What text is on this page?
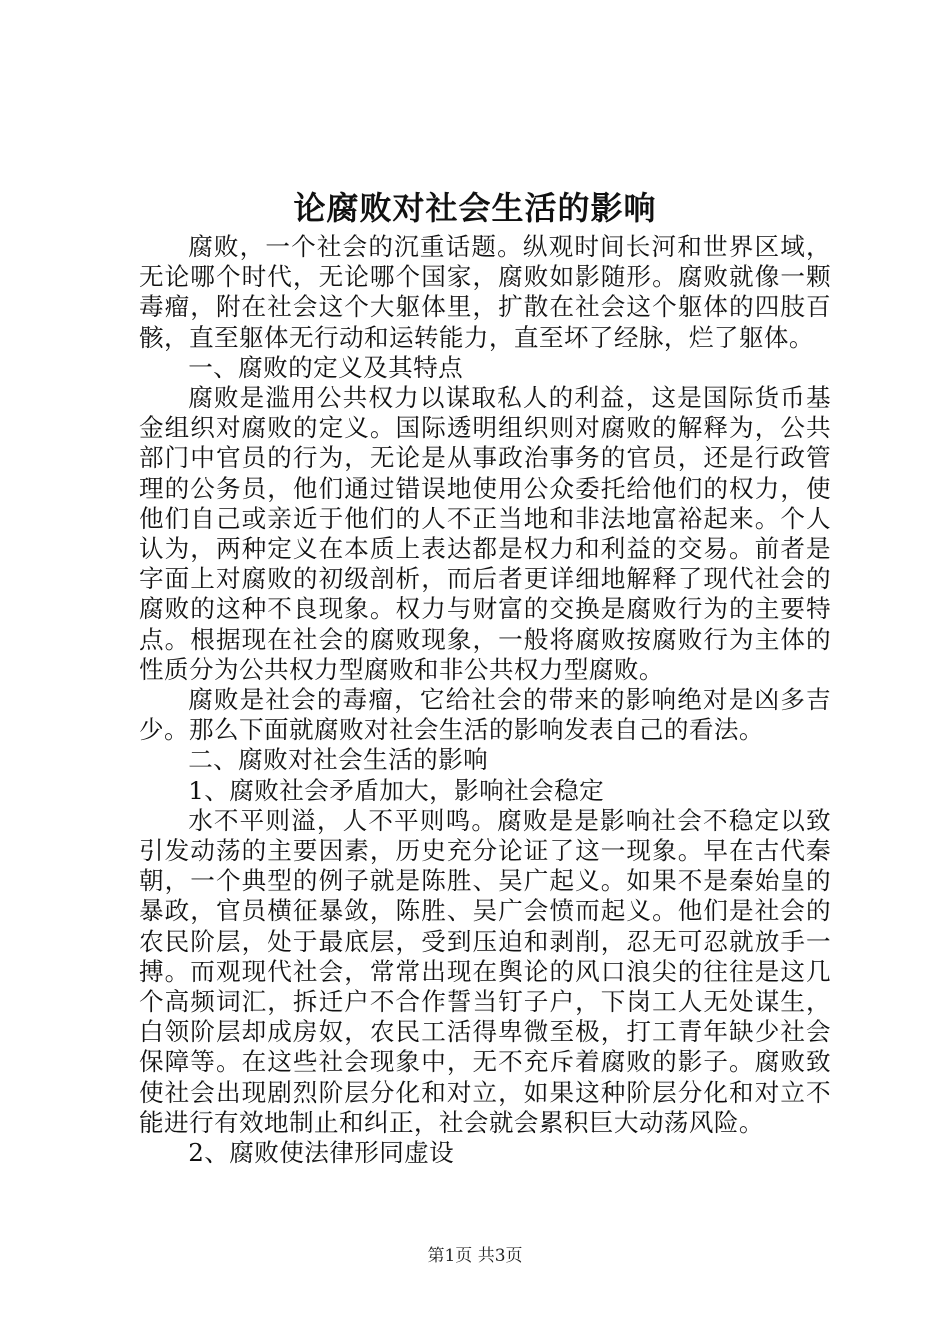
论腐败对社会生活的影响

腐败，一个社会的沉重话题。纵观时间长河和世界区域，无论哪个时代，无论哪个国家，腐败如影随形。腐败就像一颗毒瘤，附在社会这个大躯体里，扩散在社会这个躯体的四肢百骸，直至躯体无行动和运转能力，直至坏了经脉，烂了躯体。

一、腐败的定义及其特点

腐败是滥用公共权力以谋取私人的利益，这是国际货币基金组织对腐败的定义。国际透明组织则对腐败的解释为，公共部门中官员的行为，无论是从事政治事务的官员，还是行政管理的公务员，他们通过错误地使用公众委托给他们的权力，使他们自己或亲近于他们的人不正当地和非法地富裕起来。个人认为，两种定义在本质上表达都是权力和利益的交易。前者是字面上对腐败的初级剖析，而后者更详细地解释了现代社会的腐败的这种不良现象。权力与财富的交换是腐败行为的主要特点。根据现在社会的腐败现象，一般将腐败按腐败行为主体的性质分为公共权力型腐败和非公共权力型腐败。

腐败是社会的毒瘤，它给社会的带来的影响绝对是凶多吉少。那么下面就腐败对社会生活的影响发表自己的看法。

二、腐败对社会生活的影响

1、腐败社会矛盾加大，影响社会稳定

水不平则溢，人不平则鸣。腐败是是影响社会不稳定以致引发动荡的主要因素，历史充分论证了这一现象。早在古代秦朝，一个典型的例子就是陈胜、吴广起义。如果不是秦始皇的暴政，官员横征暴敛，陈胜、吴广会愤而起义。他们是社会的农民阶层，处于最底层，受到压迫和剥削，忍无可忍就放手一搏。而观现代社会，常常出现在舆论的风口浪尖的往往是这几个高频词汇，拆迁户不合作誓当钉子户，下岗工人无处谋生，白领阶层却成房奴，农民工活得卑微至极，打工青年缺少社会保障等。在这些社会现象中，无不充斥着腐败的影子。腐败致使社会出现剧烈阶层分化和对立，如果这种阶层分化和对立不能进行有效地制止和纠正，社会就会累积巨大动荡风险。

2、腐败使法律形同虚设

第1页 共3页
